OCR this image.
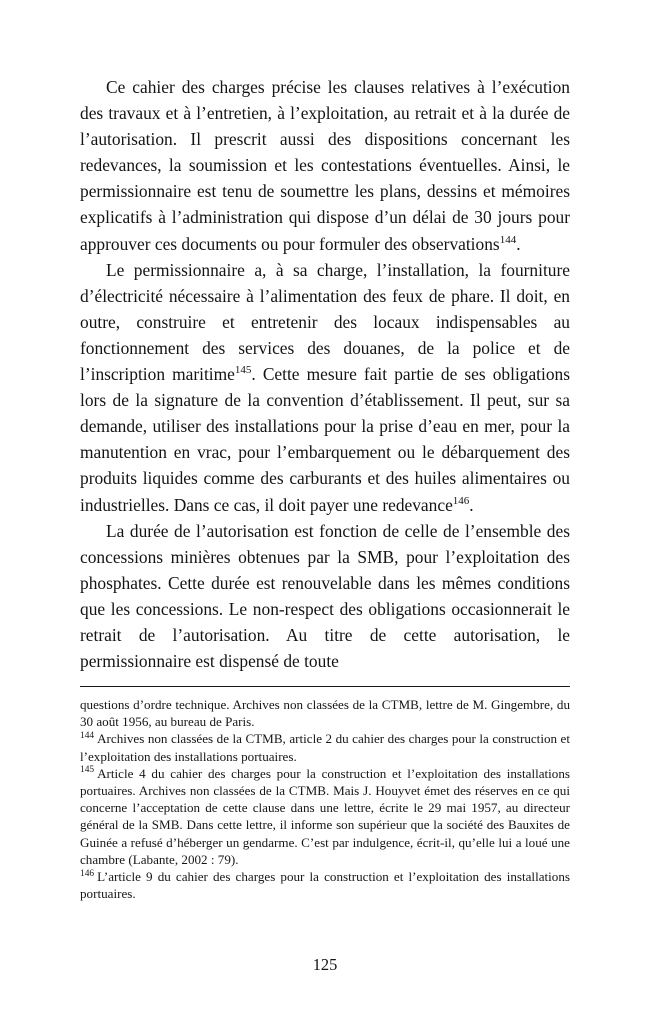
Ce cahier des charges précise les clauses relatives à l’exécution des travaux et à l’entretien, à l’exploitation, au retrait et à la durée de l’autorisation. Il prescrit aussi des dispositions concernant les redevances, la soumission et les contestations éventuelles. Ainsi, le permissionnaire est tenu de soumettre les plans, dessins et mémoires explicatifs à l’administration qui dispose d’un délai de 30 jours pour approuver ces documents ou pour formuler des observations$^{144}$.

Le permissionnaire a, à sa charge, l’installation, la fourniture d’électricité nécessaire à l’alimentation des feux de phare. Il doit, en outre, construire et entretenir des locaux indispensables au fonctionnement des services des douanes, de la police et de l’inscription maritime$^{145}$. Cette mesure fait partie de ses obligations lors de la signature de la convention d’établissement. Il peut, sur sa demande, utiliser des installations pour la prise d’eau en mer, pour la manutention en vrac, pour l’embarquement ou le débarquement des produits liquides comme des carburants et des huiles alimentaires ou industrielles. Dans ce cas, il doit payer une redevance$^{146}$.

La durée de l’autorisation est fonction de celle de l’ensemble des concessions minières obtenues par la SMB, pour l’exploitation des phosphates. Cette durée est renouvelable dans les mêmes conditions que les concessions. Le non-respect des obligations occasionnerait le retrait de l’autorisation. Au titre de cette autorisation, le permissionnaire est dispensé de toute

questions d’ordre technique. Archives non classées de la CTMB, lettre de M. Gingembre, du 30 août 1956, au bureau de Paris.

$^{144}$ Archives non classées de la CTMB, article 2 du cahier des charges pour la construction et l’exploitation des installations portuaires.

$^{145}$ Article 4 du cahier des charges pour la construction et l’exploitation des installations portuaires. Archives non classées de la CTMB. Mais J. Houyvet émet des réserves en ce qui concerne l’acceptation de cette clause dans une lettre, écrite le 29 mai 1957, au directeur général de la SMB. Dans cette lettre, il informe son supérieur que la société des Bauxites de Guinée a refusé d’héberger un gendarme. C’est par indulgence, écrit-il, qu’elle lui a loué une chambre (Labante, 2002 : 79).

$^{146}$ L’article 9 du cahier des charges pour la construction et l’exploitation des installations portuaires.

125
